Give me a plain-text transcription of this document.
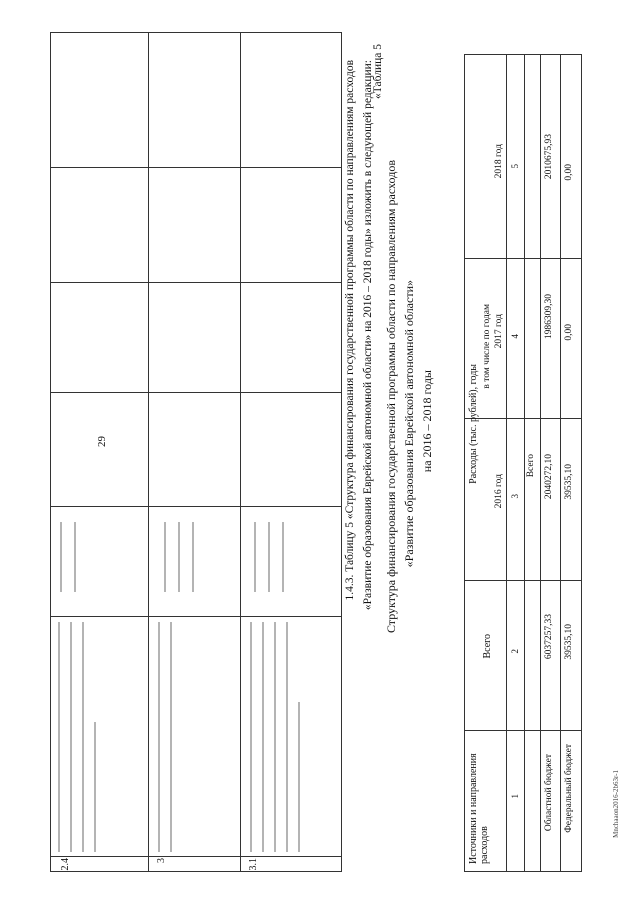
29
2.4	3	3.1
1.4.3. Таблицу 5 «Структура финансирования государственной программы области по направлениям расходов «Развитие образования Еврейской автономной области» на 2016 – 2018 годы» изложить в следующей редакции:
«Таблица 5
Структура финансирования государственной программы области по направлениям расходов «Развитие образования Еврейской автономной области» на 2016 – 2018 годы
Источники и направления расходов
Всего
Расходы (тыс. рублей), годы
в том числе по годам
2016 год
2017 год
2018 год
1
2
3
4
5
Всего
Областной бюджет
6037257,33
2040272,10
1986309,30
2010675,93
Федеральный бюджет
39535,10
39535,10
0,00
0,00
Mnchaaon2016-2b63r-1
